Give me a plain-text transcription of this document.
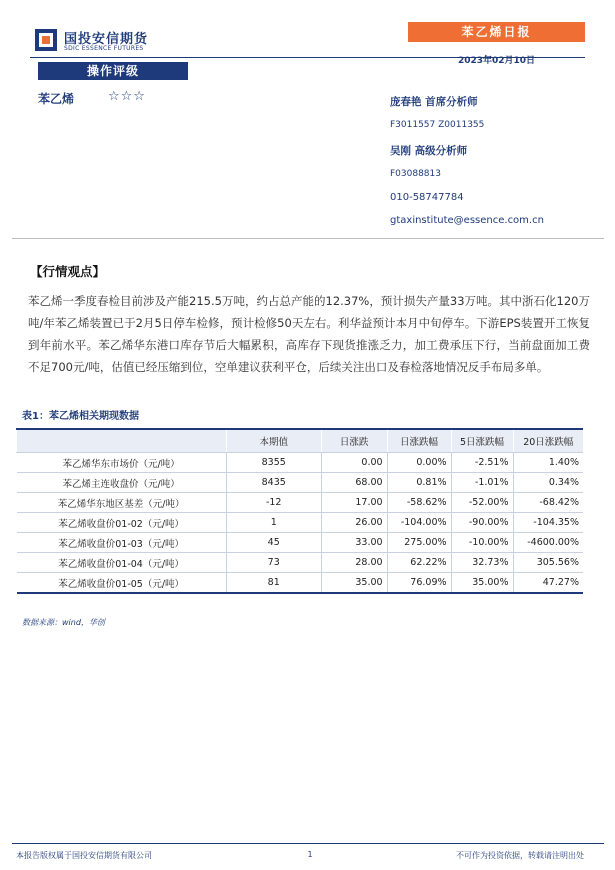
国投安信期货
SDIC ESSENCE FUTURES
苯乙烯日报
2023年02月10日
操作评级
苯乙烯	☆☆☆	庞春艳 首席分析师
F3011557 Z0011355
吴刚 高级分析师
F03088813
010-58747784
gtaxinstitute@essence.com.cn
【行情观点】
苯乙烯一季度春检目前涉及产能215.5万吨，约占总产能的12.37%，预计损失产量33万吨。其中浙石化120万吨/年苯乙烯装置已于2月5日停车检修，预计检修50天左右。利华益预计本月中旬停车。下游EPS装置开工恢复到年前水平。苯乙烯华东港口库存节后大幅累积，高库存下现货推涨乏力，加工费承压下行，当前盘面加工费不足700元/吨，估值已经压缩到位，空单建议获利平仓，后续关注出口及春检落地情况反手布局多单。
表1：苯乙烯相关期现数据
	本期值	日涨跌	日涨跌幅	5日涨跌幅	20日涨跌幅
苯乙烯华东市场价（元/吨）	8355	0.00	0.00%	-2.51%	1.40%
苯乙烯主连收盘价（元/吨）	8435	68.00	0.81%	-1.01%	0.34%
苯乙烯华东地区基差（元/吨）	-12	17.00	-58.62%	-52.00%	-68.42%
苯乙烯收盘价01-02（元/吨）	1	26.00	-104.00%	-90.00%	-104.35%
苯乙烯收盘价01-03（元/吨）	45	33.00	275.00%	-10.00%	-4600.00%
苯乙烯收盘价01-04（元/吨）	73	28.00	62.22%	32.73%	305.56%
苯乙烯收盘价01-05（元/吨）	81	35.00	76.09%	35.00%	47.27%
数据来源：wind，华创
本报告版权属于国投安信期货有限公司	1	不可作为投资依据，转载请注明出处
